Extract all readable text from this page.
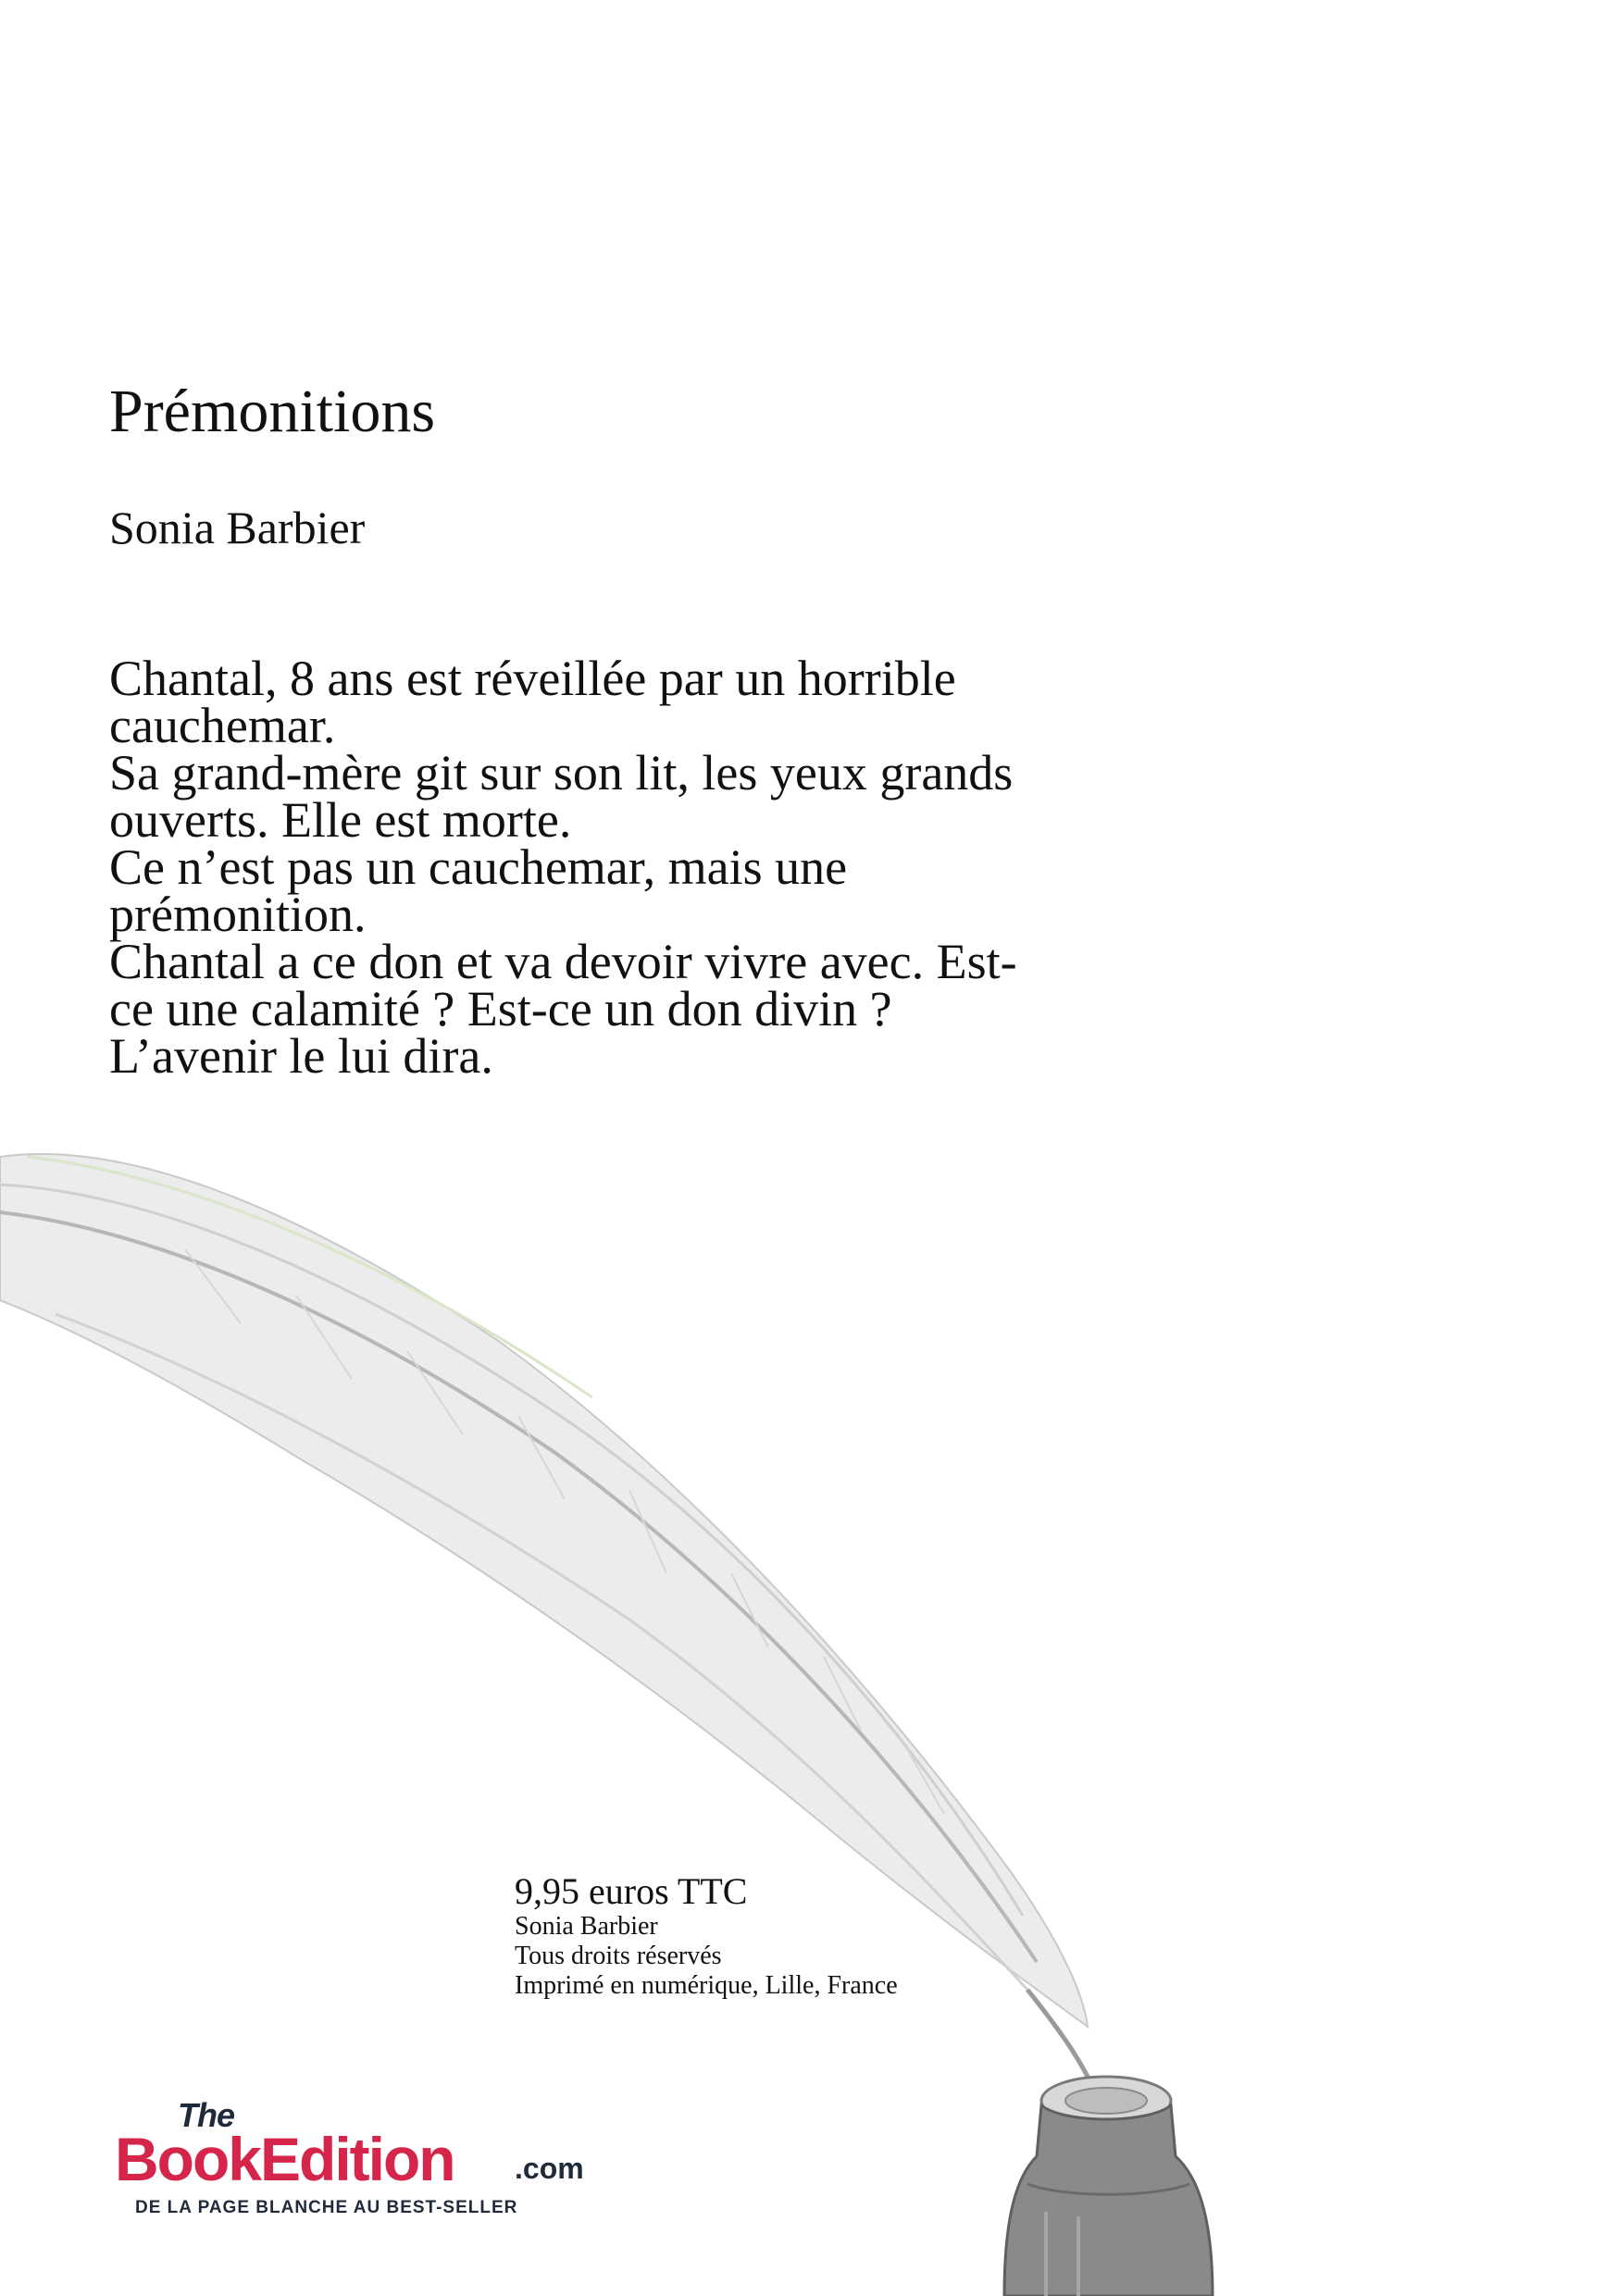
Prémonitions
Sonia Barbier
Chantal, 8 ans est réveillée par un horrible
cauchemar.
Sa grand-mère git sur son lit, les yeux grands
ouverts. Elle est morte.
Ce n’est pas un cauchemar, mais une
prémonition.
Chantal a ce don et va devoir vivre avec. Est-
ce une calamité ? Est-ce un don divin ?
L’avenir le lui dira.
9,95 euros TTC
Sonia Barbier
Tous droits réservés
Imprimé en numérique, Lille, France
The
BookEdition .com
DE LA PAGE BLANCHE AU BEST-SELLER
